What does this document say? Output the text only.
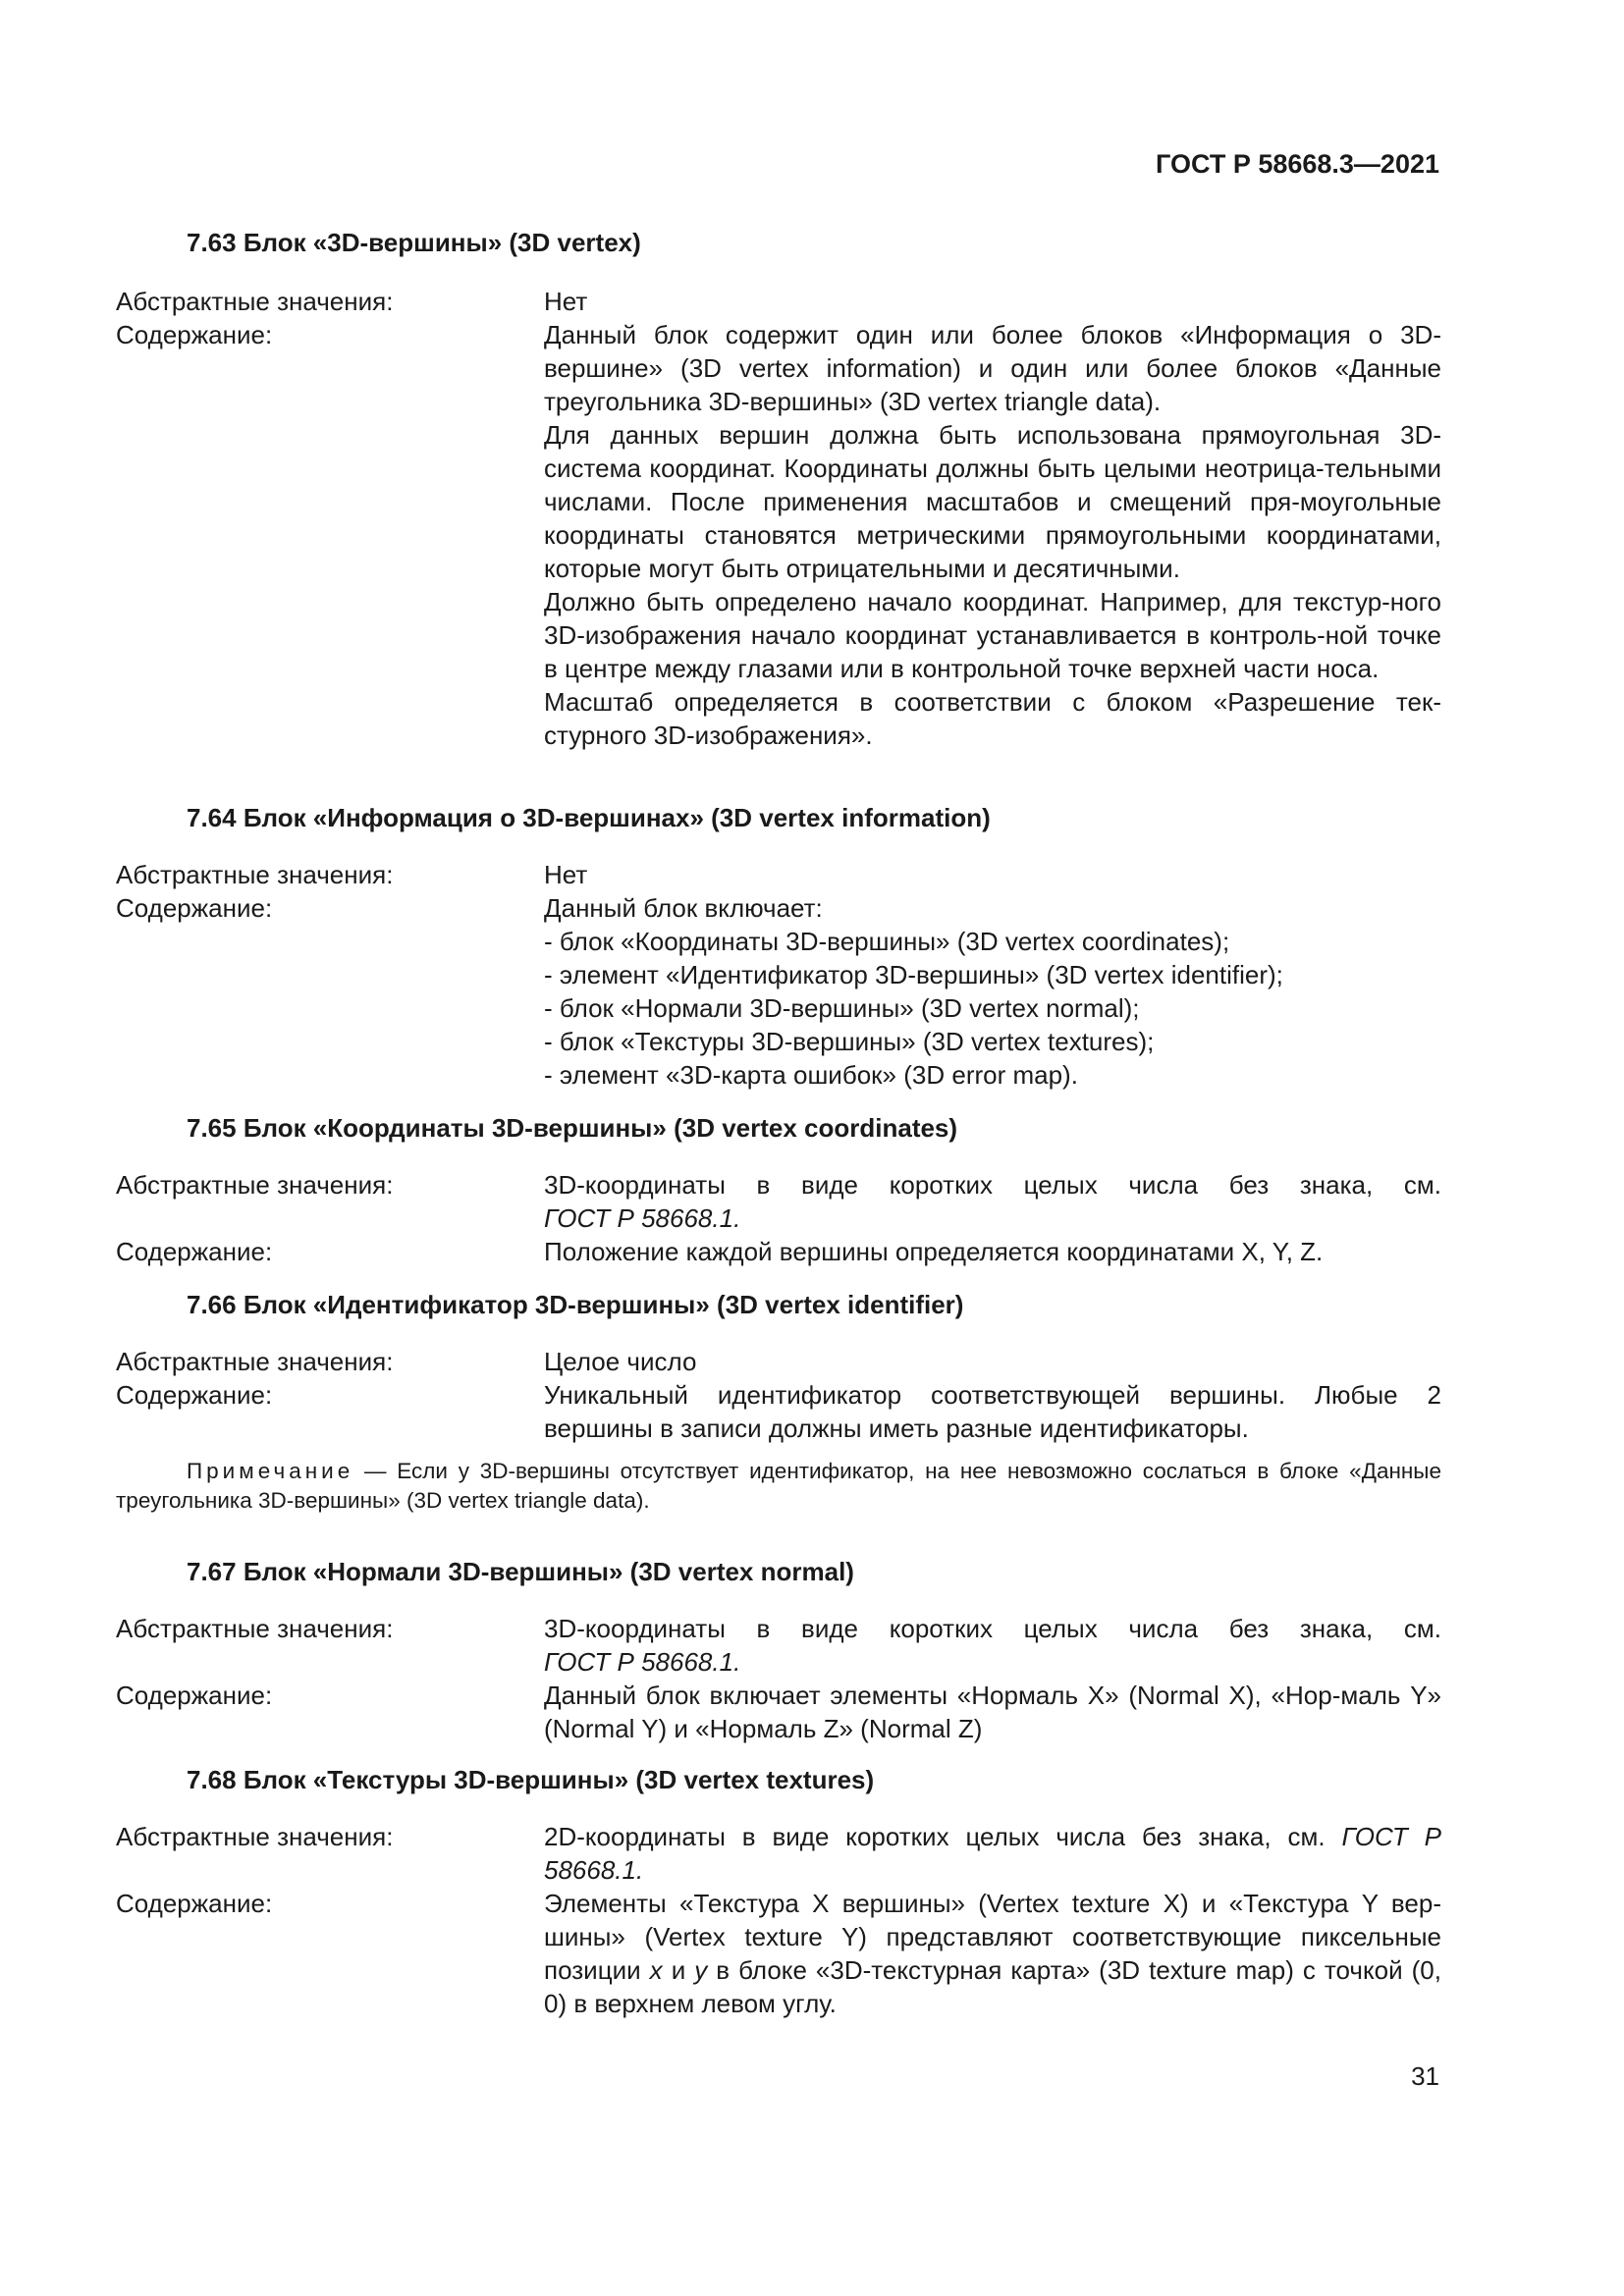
ГОСТ Р 58668.3—2021
7.63 Блок «3D-вершины» (3D vertex)
Абстрактные значения:	Нет
Содержание:	Данный блок содержит один или более блоков «Информация о 3D-вершине» (3D vertex information) и один или более блоков «Данные треугольника 3D-вершины» (3D vertex triangle data).

Для данных вершин должна быть использована прямоугольная 3D-система координат. Координаты должны быть целыми неотрица-тельными числами. После применения масштабов и смещений пря-моугольные координаты становятся метрическими прямоугольными координатами, которые могут быть отрицательными и десятичными.

Должно быть определено начало координат. Например, для текстур-ного 3D-изображения начало координат устанавливается в контроль-ной точке в центре между глазами или в контрольной точке верхней части носа.

Масштаб определяется в соответствии с блоком «Разрешение тек-стурного 3D-изображения».

7.64 Блок «Информация о 3D-вершинах» (3D vertex information)
Абстрактные значения:	Нет
Содержание:	Данный блок включает:

- блок «Координаты 3D-вершины» (3D vertex coordinates);

- элемент «Идентификатор 3D-вершины» (3D vertex identifier);

- блок «Нормали 3D-вершины» (3D vertex normal);

- блок «Текстуры 3D-вершины» (3D vertex textures);

- элемент «3D-карта ошибок» (3D error map).

7.65 Блок «Координаты 3D-вершины» (3D vertex coordinates)
Абстрактные значения:	3D-координаты в виде коротких целых числа без знака, см.

ГОСТ Р 58668.1.

Содержание:	Положение каждой вершины определяется координатами X, Y, Z.
7.66 Блок «Идентификатор 3D-вершины» (3D vertex identifier)
Абстрактные значения:	Целое число
Содержание:	Уникальный идентификатор соответствующей вершины. Любые 2 вершины в записи должны иметь разные идентификаторы.

Примечание — Если у 3D-вершины отсутствует идентификатор, на нее невозможно сослаться в блоке «Данные треугольника 3D-вершины» (3D vertex triangle data).
7.67 Блок «Нормали 3D-вершины» (3D vertex normal)
Абстрактные значения:	3D-координаты в виде коротких целых числа без знака, см.

ГОСТ Р 58668.1.

Содержание:	Данный блок включает элементы «Нормаль X» (Normal X), «Нор-маль Y» (Normal Y) и «Нормаль Z» (Normal Z)

7.68 Блок «Текстуры 3D-вершины» (3D vertex textures)
Абстрактные значения:	2D-координаты в виде коротких целых числа без знака, см. ГОСТ Р 58668.1.

Содержание:	Элементы «Текстура X вершины» (Vertex texture X) и «Текстура Y вер-шины» (Vertex texture Y) представляют соответствующие пиксельные позиции x и y в блоке «3D-текстурная карта» (3D texture map) с точкой (0, 0) в верхнем левом углу.

31
